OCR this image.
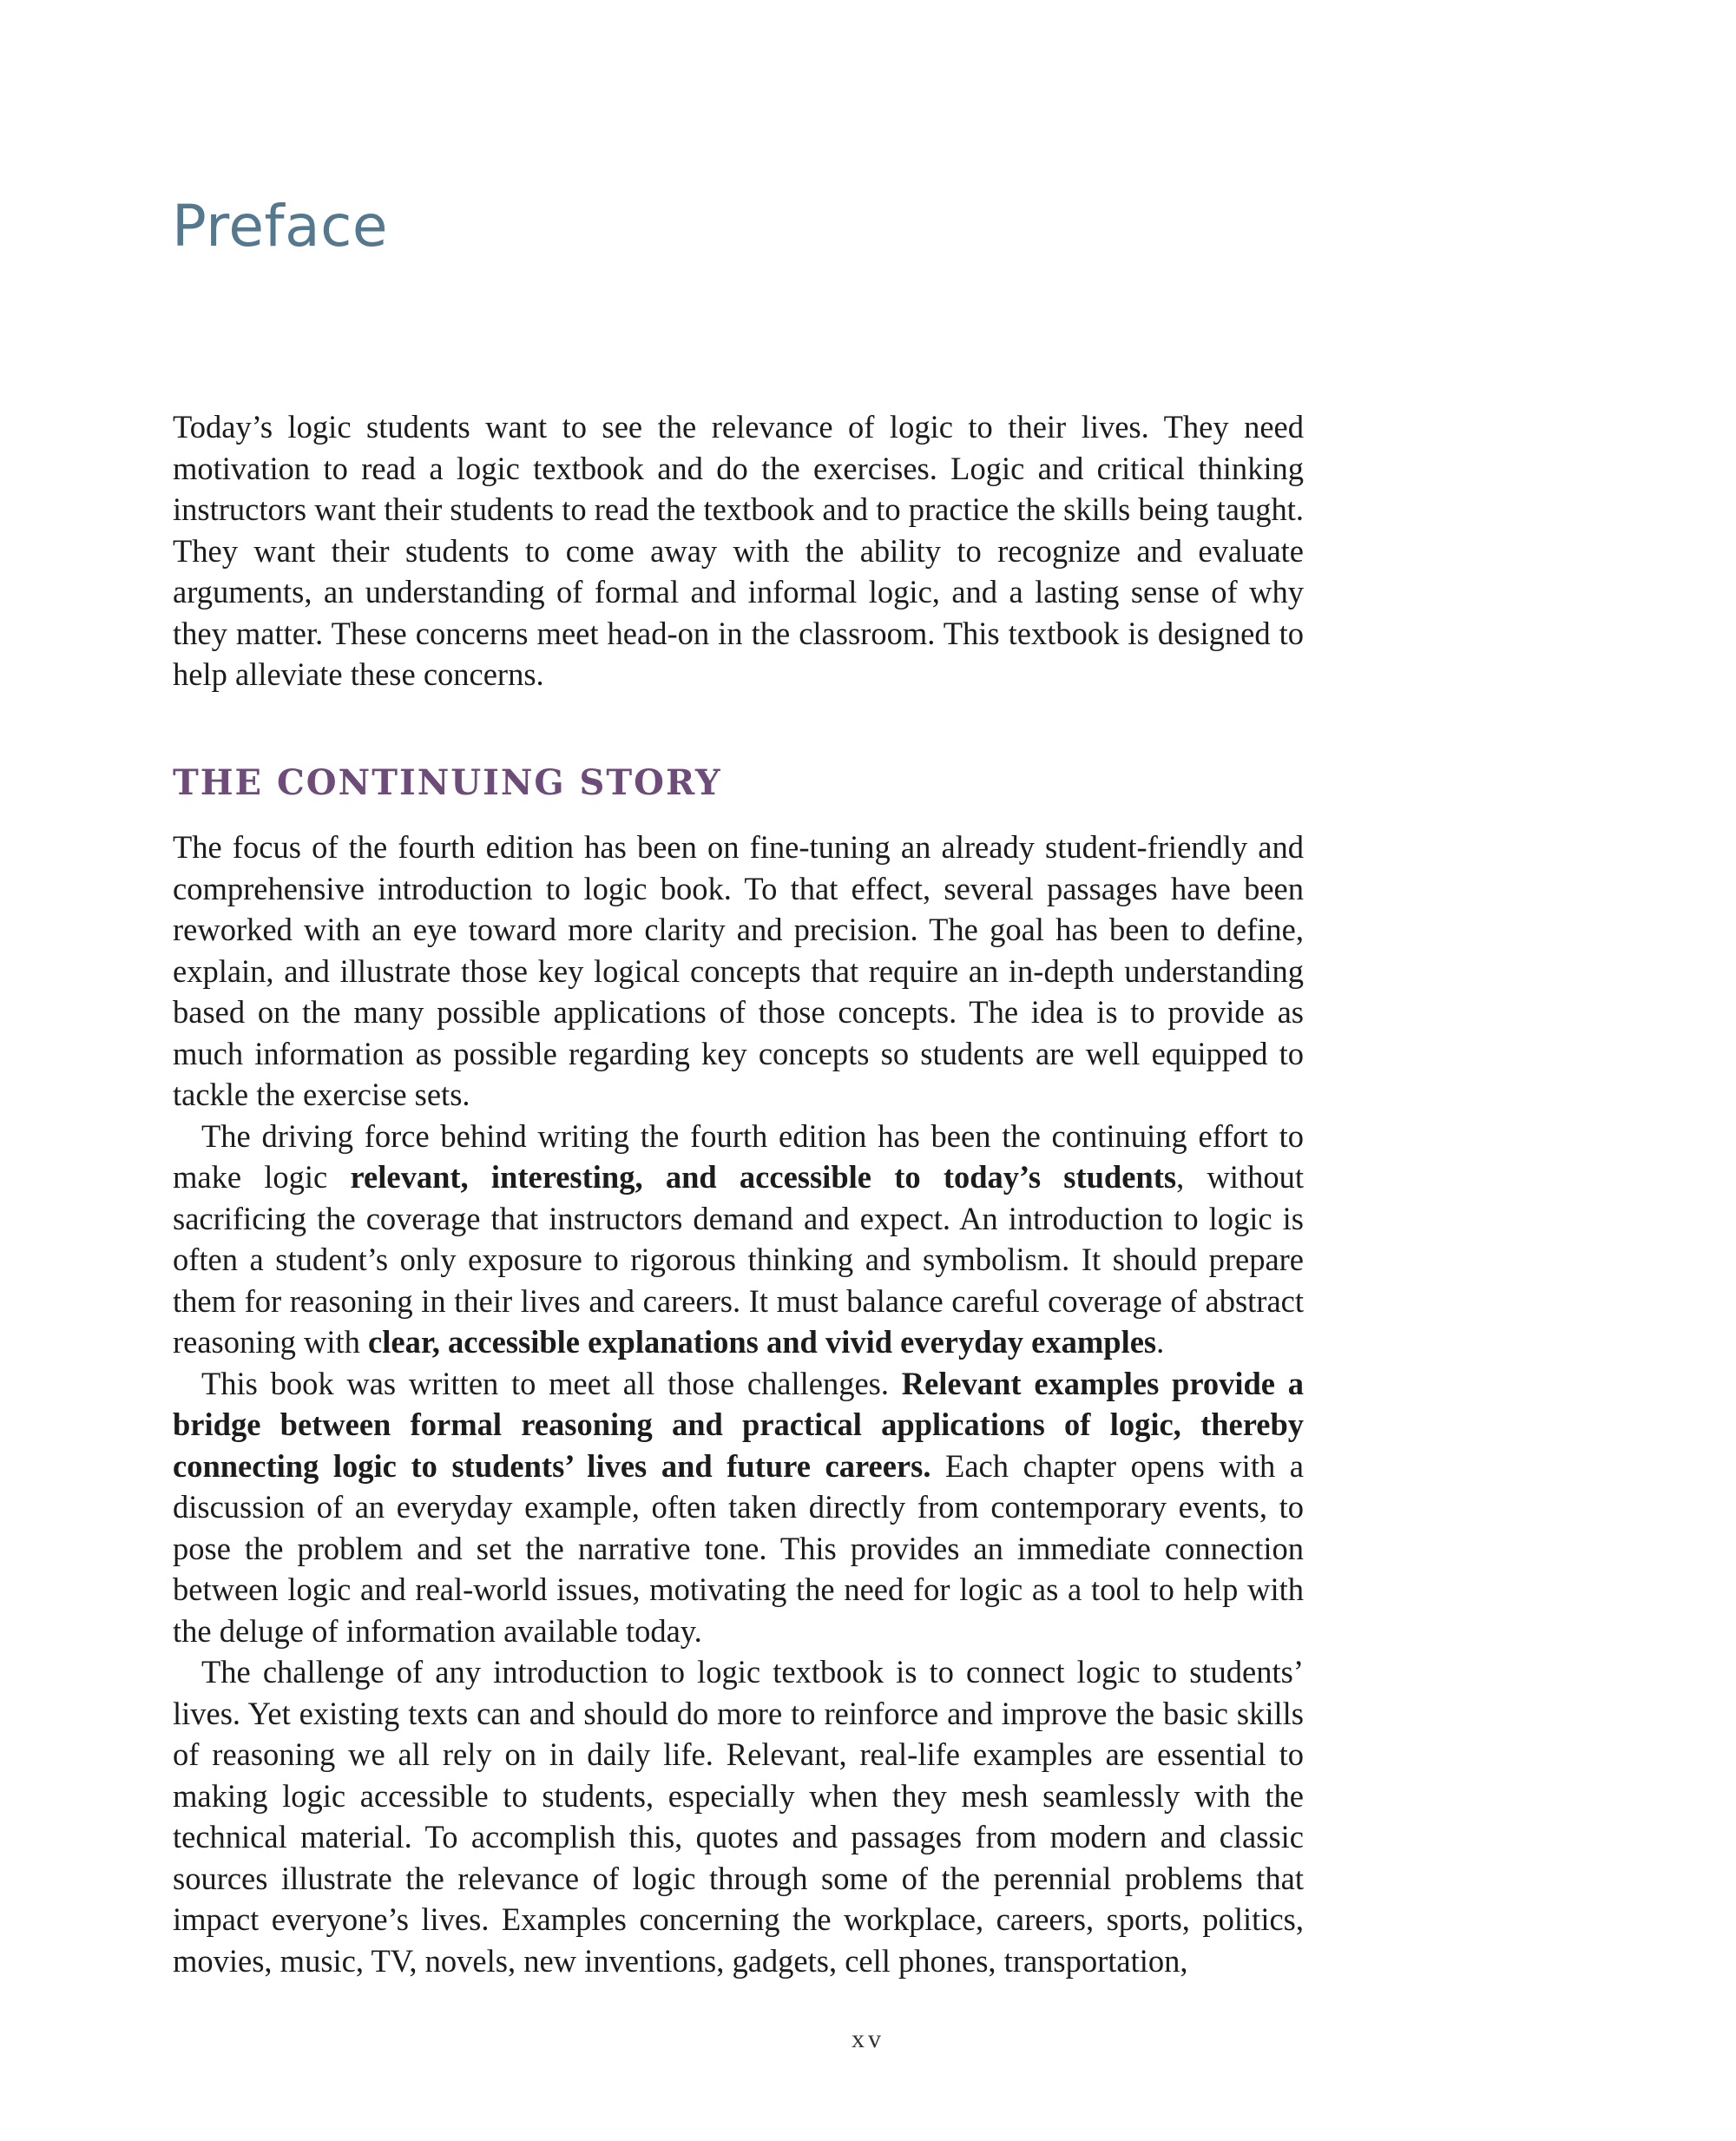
Preface

Today’s logic students want to see the relevance of logic to their lives. They need motivation to read a logic textbook and do the exercises. Logic and critical thinking instructors want their students to read the textbook and to practice the skills being taught. They want their students to come away with the ability to recognize and evaluate arguments, an understanding of formal and informal logic, and a lasting sense of why they matter. These concerns meet head-on in the classroom. This textbook is designed to help alleviate these concerns.

THE CONTINUING STORY

The focus of the fourth edition has been on fine-tuning an already student-friendly and comprehensive introduction to logic book. To that effect, several passages have been reworked with an eye toward more clarity and precision. The goal has been to define, explain, and illustrate those key logical concepts that require an in-depth understanding based on the many possible applications of those concepts. The idea is to provide as much information as possible regarding key concepts so students are well equipped to tackle the exercise sets.

The driving force behind writing the fourth edition has been the continuing effort to make logic relevant, interesting, and accessible to today’s students, without sacrificing the coverage that instructors demand and expect. An introduction to logic is often a student’s only exposure to rigorous thinking and symbolism. It should prepare them for reasoning in their lives and careers. It must balance careful coverage of abstract reasoning with clear, accessible explanations and vivid everyday examples.

This book was written to meet all those challenges. Relevant examples provide a bridge between formal reasoning and practical applications of logic, thereby connecting logic to students’ lives and future careers. Each chapter opens with a discussion of an everyday example, often taken directly from contemporary events, to pose the problem and set the narrative tone. This provides an immediate connection between logic and real-world issues, motivating the need for logic as a tool to help with the deluge of information available today.

The challenge of any introduction to logic textbook is to connect logic to students’ lives. Yet existing texts can and should do more to reinforce and improve the basic skills of reasoning we all rely on in daily life. Relevant, real-life examples are essential to making logic accessible to students, especially when they mesh seamlessly with the technical material. To accomplish this, quotes and passages from modern and classic sources illustrate the relevance of logic through some of the perennial problems that impact everyone’s lives. Examples concerning the workplace, careers, sports, politics, movies, music, TV, novels, new inventions, gadgets, cell phones, transportation,

xv
